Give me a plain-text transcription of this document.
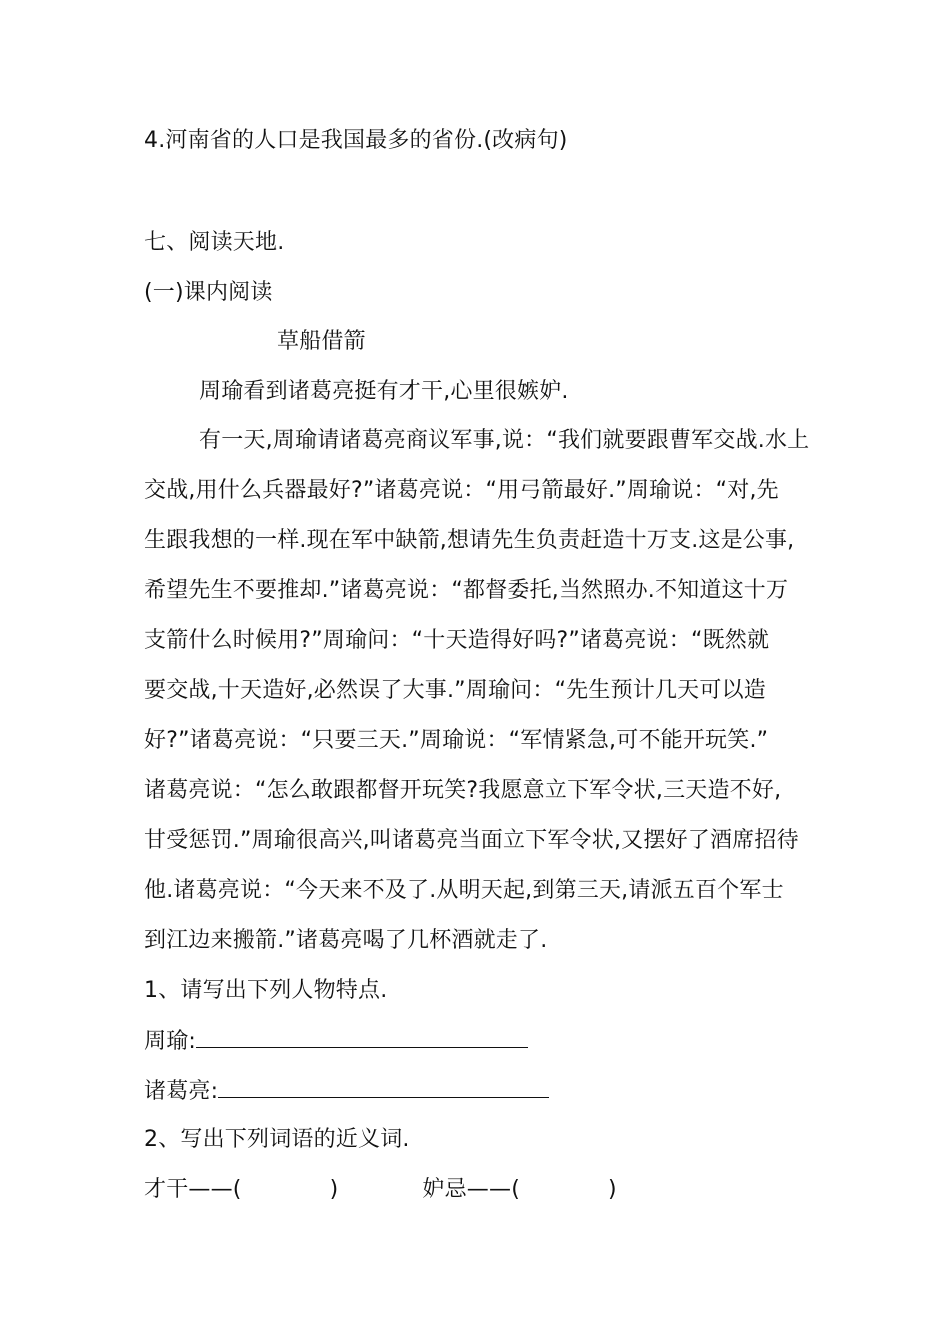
4.河南省的人口是我国最多的省份.(改病句)
七、阅读天地.
(一)课内阅读
草船借箭
周瑜看到诸葛亮挺有才干,心里很嫉妒.
有一天,周瑜请诸葛亮商议军事,说：“我们就要跟曹军交战.水上
交战,用什么兵器最好?”诸葛亮说：“用弓箭最好.”周瑜说：“对,先
生跟我想的一样.现在军中缺箭,想请先生负责赶造十万支.这是公事,
希望先生不要推却.”诸葛亮说：“都督委托,当然照办.不知道这十万
支箭什么时候用?”周瑜问：“十天造得好吗?”诸葛亮说：“既然就
要交战,十天造好,必然误了大事.”周瑜问：“先生预计几天可以造
好?”诸葛亮说：“只要三天.”周瑜说：“军情紧急,可不能开玩笑.”
诸葛亮说：“怎么敢跟都督开玩笑?我愿意立下军令状,三天造不好,
甘受惩罚.”周瑜很高兴,叫诸葛亮当面立下军令状,又摆好了酒席招待
他.诸葛亮说：“今天来不及了.从明天起,到第三天,请派五百个军士
到江边来搬箭.”诸葛亮喝了几杯酒就走了.
1、请写出下列人物特点.
周瑜:
诸葛亮:
2、写出下列词语的近义词.
才干——(	)	妒忌——(	)
